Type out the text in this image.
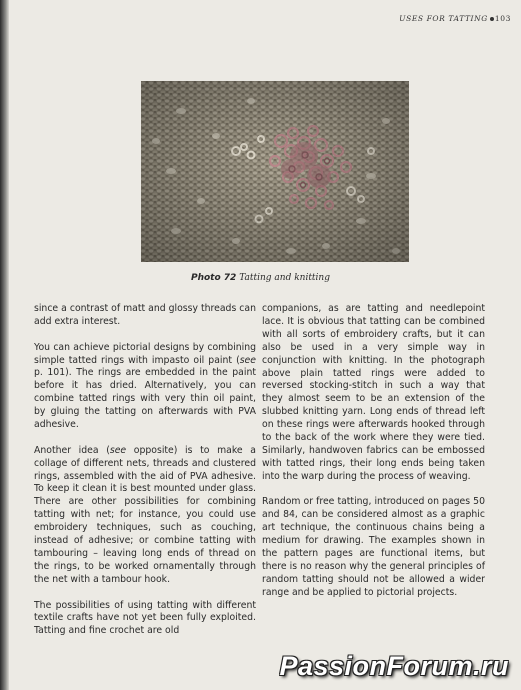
USES FOR TATTING 103
Photo 72 Tatting and knitting

since a contrast of matt and glossy threads can add extra interest.

You can achieve pictorial designs by combining simple tatted rings with impasto oil paint (see p. 101). The rings are embedded in the paint before it has dried. Alternatively, you can combine tatted rings with very thin oil paint, by gluing the tatting on afterwards with PVA adhesive.

Another idea (see opposite) is to make a collage of different nets, threads and clustered rings, assembled with the aid of PVA adhesive. To keep it clean it is best mounted under glass. There are other possibilities for combining tatting with net; for instance, you could use embroidery techniques, such as couching, instead of adhesive; or combine tatting with tambouring – leaving long ends of thread on the rings, to be worked ornamentally through the net with a tambour hook.

The possibilities of using tatting with different textile crafts have not yet been fully exploited. Tatting and fine crochet are old

companions, as are tatting and needlepoint lace. It is obvious that tatting can be combined with all sorts of embroidery crafts, but it can also be used in a very simple way in conjunction with knitting. In the photograph above plain tatted rings were added to reversed stocking-stitch in such a way that they almost seem to be an extension of the slubbed knitting yarn. Long ends of thread left on these rings were afterwards hooked through to the back of the work where they were tied. Similarly, handwoven fabrics can be embossed with tatted rings, their long ends being taken into the warp during the process of weaving.

Random or free tatting, introduced on pages 50 and 84, can be considered almost as a graphic art technique, the continuous chains being a medium for drawing. The examples shown in the pattern pages are functional items, but there is no reason why the general principles of random tatting should not be allowed a wider range and be applied to pictorial projects.

PassionForum.ru
